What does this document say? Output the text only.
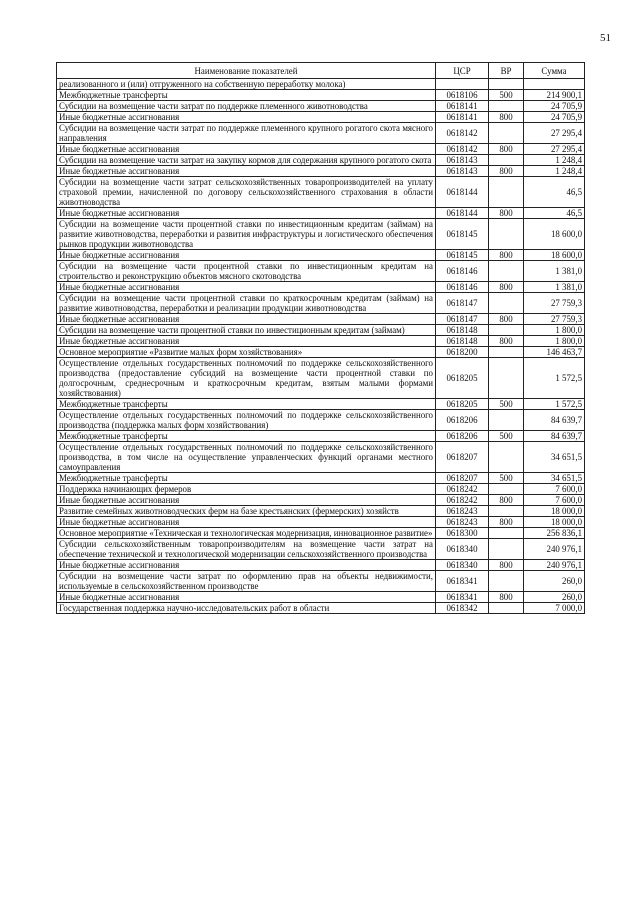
51
Наименование показателей	ЦСР	ВР	Сумма
реализованного и (или) отгруженного на собственную переработку молока)			
Межбюджетные трансферты	0618106	500	214 900,1
Субсидии на возмещение части затрат по поддержке племенного животноводства	0618141		24 705,9
Иные бюджетные ассигнования	0618141	800	24 705,9
Субсидии на возмещение части затрат по поддержке племенного крупного рогатого скота мясного направления	0618142		27 295,4
Иные бюджетные ассигнования	0618142	800	27 295,4
Субсидии на возмещение части затрат на закупку кормов для содержания крупного рогатого скота	0618143		1 248,4
Иные бюджетные ассигнования	0618143	800	1 248,4
Субсидии на возмещение части затрат сельскохозяйственных товаропроизводителей на уплату страховой премии, начисленной по договору сельскохозяйственного страхования в области животноводства	0618144		46,5
Иные бюджетные ассигнования	0618144	800	46,5
Субсидии на возмещение части процентной ставки по инвестиционным кредитам (займам) на развитие животноводства, переработки и развития инфраструктуры и логистического обеспечения рынков продукции животноводства	0618145		18 600,0
Иные бюджетные ассигнования	0618145	800	18 600,0
Субсидии на возмещение части процентной ставки по инвестиционным кредитам на строительство и реконструкцию объектов мясного скотоводства	0618146		1 381,0
Иные бюджетные ассигнования	0618146	800	1 381,0
Субсидии на возмещение части процентной ставки по краткосрочным кредитам (займам) на развитие животноводства, переработки и реализации продукции животноводства	0618147		27 759,3
Иные бюджетные ассигнования	0618147	800	27 759,3
Субсидии на возмещение части процентной ставки по инвестиционным кредитам (займам)	0618148		1 800,0
Иные бюджетные ассигнования	0618148	800	1 800,0
Основное мероприятие «Развитие малых форм хозяйствования»	0618200		146 463,7
Осуществление отдельных государственных полномочий по поддержке сельскохозяйственного производства (предоставление субсидий на возмещение части процентной ставки по долгосрочным, среднесрочным и краткосрочным кредитам, взятым малыми формами хозяйствования)	0618205		1 572,5
Межбюджетные трансферты	0618205	500	1 572,5
Осуществление отдельных государственных полномочий по поддержке сельскохозяйственного производства (поддержка малых форм хозяйствования)	0618206		84 639,7
Межбюджетные трансферты	0618206	500	84 639,7
Осуществление отдельных государственных полномочий по поддержке сельскохозяйственного производства, в том числе на осуществление управленческих функций органами местного самоуправления	0618207		34 651,5
Межбюджетные трансферты	0618207	500	34 651,5
Поддержка начинающих фермеров	0618242		7 600,0
Иные бюджетные ассигнования	0618242	800	7 600,0
Развитие семейных животноводческих ферм на базе крестьянских (фермерских) хозяйств	0618243		18 000,0
Иные бюджетные ассигнования	0618243	800	18 000,0
Основное мероприятие «Техническая и технологическая модернизация, инновационное развитие»	0618300		256 836,1
Субсидии сельскохозяйственным товаропроизводителям на возмещение части затрат на обеспечение технической и технологической модернизации сельскохозяйственного производства	0618340		240 976,1
Иные бюджетные ассигнования	0618340	800	240 976,1
Субсидии на возмещение части затрат по оформлению прав на объекты недвижимости, используемые в сельскохозяйственном производстве	0618341		260,0
Иные бюджетные ассигнования	0618341	800	260,0
Государственная поддержка научно-исследовательских работ в области	0618342		7 000,0
